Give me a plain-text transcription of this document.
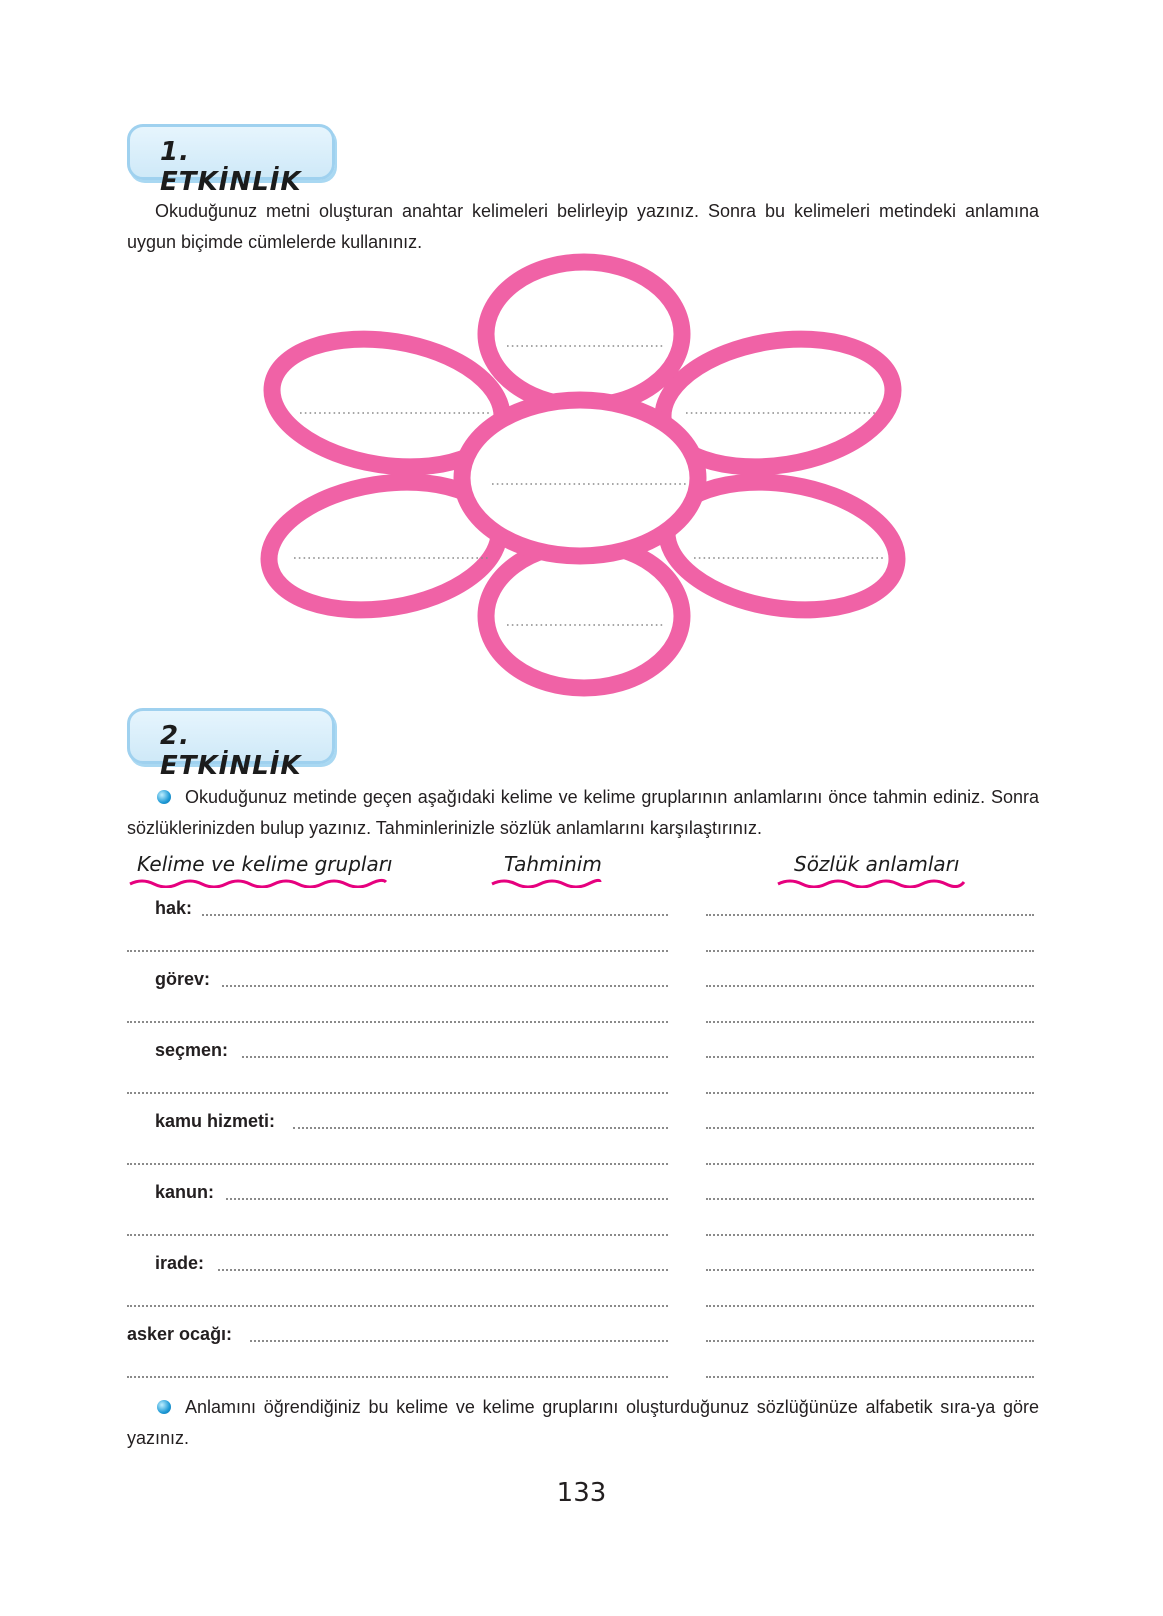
1. ETKİNLİK
Okuduğunuz metni oluşturan anahtar kelimeleri belirleyip yazınız. Sonra bu kelimeleri metindeki anlamına uygun biçimde cümlelerde kullanınız.
2. ETKİNLİK
Okuduğunuz metinde geçen aşağıdaki kelime ve kelime gruplarının anlamlarını önce tahmin ediniz. Sonra sözlüklerinizden bulup yazınız. Tahminlerinizle sözlük anlamlarını karşılaştırınız.
Kelime ve kelime grupları	Tahminim	Sözlük anlamları
hak:
görev:
seçmen:
kamu hizmeti:
kanun:
irade:
asker ocağı:
Anlamını öğrendiğiniz bu kelime ve kelime gruplarını oluşturduğunuz sözlüğünüze alfabetik sıra-ya göre yazınız.
133
